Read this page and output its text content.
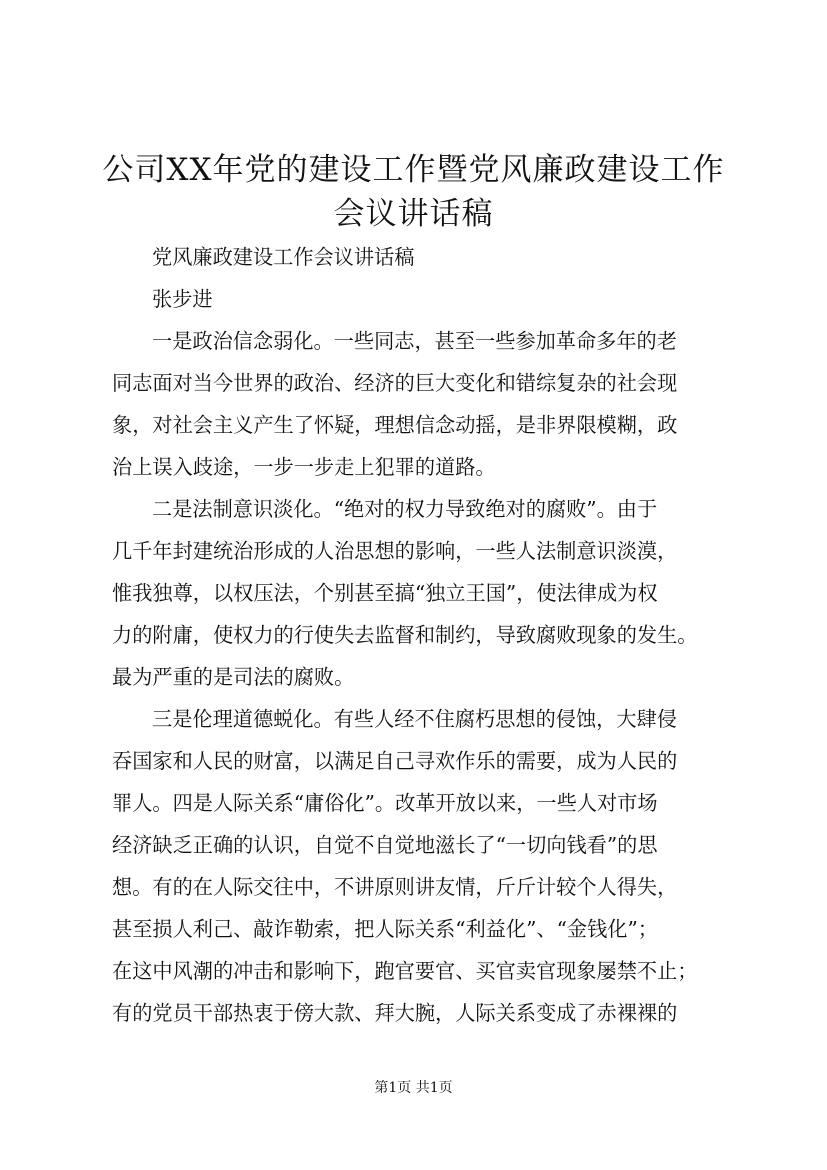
公司XX年党的建设工作暨党风廉政建设工作
会议讲话稿
党风廉政建设工作会议讲话稿
张步进
一是政治信念弱化。一些同志，甚至一些参加革命多年的老
同志面对当今世界的政治、经济的巨大变化和错综复杂的社会现
象，对社会主义产生了怀疑，理想信念动摇，是非界限模糊，政
治上误入歧途，一步一步走上犯罪的道路。
二是法制意识淡化。“绝对的权力导致绝对的腐败”。由于
几千年封建统治形成的人治思想的影响，一些人法制意识淡漠，
惟我独尊，以权压法，个别甚至搞“独立王国”，使法律成为权
力的附庸，使权力的行使失去监督和制约，导致腐败现象的发生。
最为严重的是司法的腐败。
三是伦理道德蜕化。有些人经不住腐朽思想的侵蚀，大肆侵
吞国家和人民的财富，以满足自己寻欢作乐的需要，成为人民的
罪人。四是人际关系“庸俗化”。改革开放以来，一些人对市场
经济缺乏正确的认识，自觉不自觉地滋长了“一切向钱看”的思
想。有的在人际交往中，不讲原则讲友情，斤斤计较个人得失，
甚至损人利己、敲诈勒索，把人际关系“利益化”、“金钱化”；
在这中风潮的冲击和影响下，跑官要官、买官卖官现象屡禁不止；
有的党员干部热衷于傍大款、拜大腕，人际关系变成了赤裸裸的
第1页 共1页
